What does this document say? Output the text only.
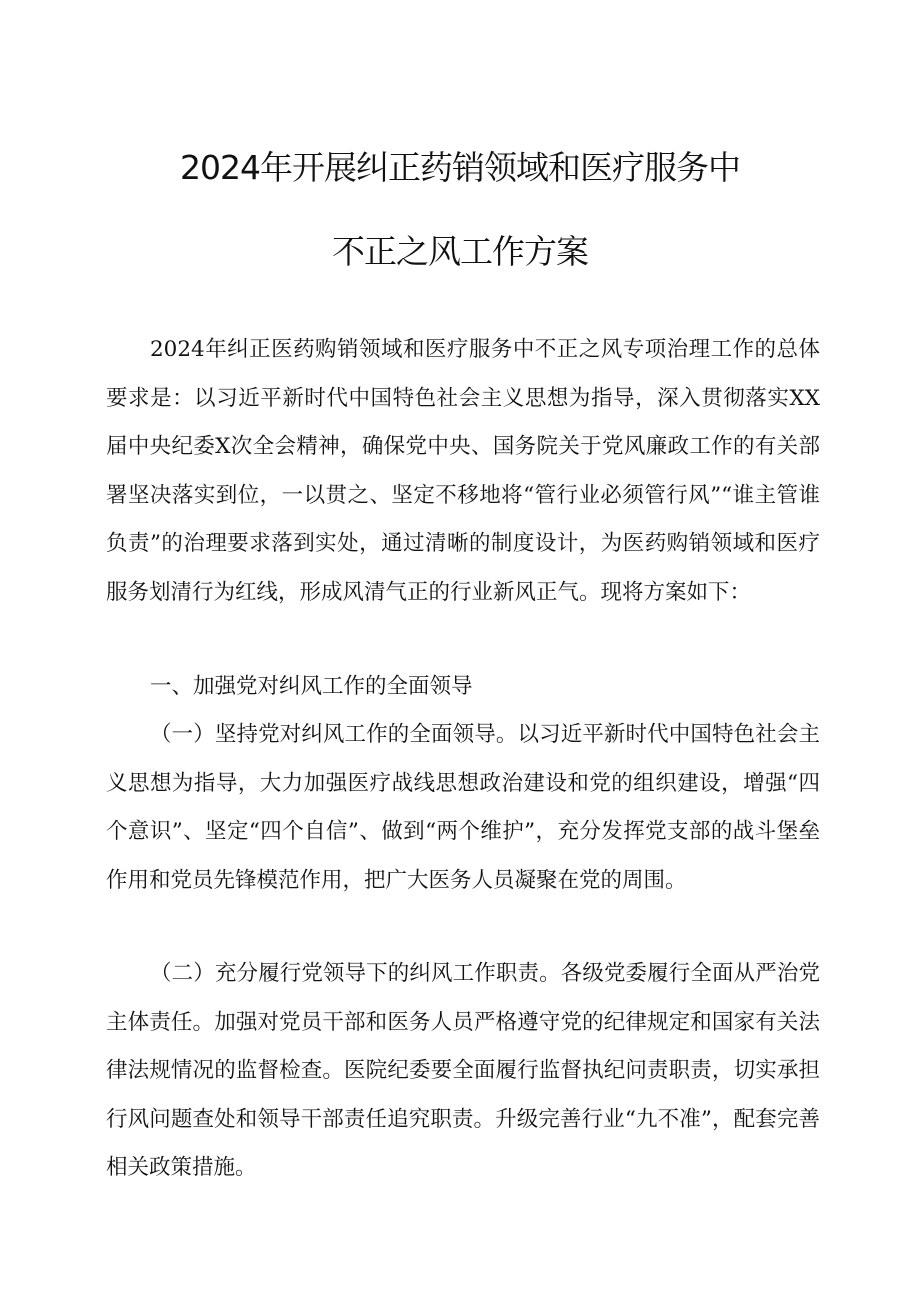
2024年开展纠正药销领域和医疗服务中
不正之风工作方案

2024年纠正医药购销领域和医疗服务中不正之风专项治理工作的总体要求是：以习近平新时代中国特色社会主义思想为指导，深入贯彻落实XX届中央纪委X次全会精神，确保党中央、国务院关于党风廉政工作的有关部署坚决落实到位，一以贯之、坚定不移地将“管行业必须管行风”“谁主管谁负责”的治理要求落到实处，通过清晰的制度设计，为医药购销领域和医疗服务划清行为红线，形成风清气正的行业新风正气。现将方案如下：

一、加强党对纠风工作的全面领导

（一）坚持党对纠风工作的全面领导。以习近平新时代中国特色社会主义思想为指导，大力加强医疗战线思想政治建设和党的组织建设，增强“四个意识”、坚定“四个自信”、做到“两个维护”，充分发挥党支部的战斗堡垒作用和党员先锋模范作用，把广大医务人员凝聚在党的周围。

（二）充分履行党领导下的纠风工作职责。各级党委履行全面从严治党主体责任。加强对党员干部和医务人员严格遵守党的纪律规定和国家有关法律法规情况的监督检查。医院纪委要全面履行监督执纪问责职责，切实承担行风问题查处和领导干部责任追究职责。升级完善行业“九不准”，配套完善相关政策措施。
